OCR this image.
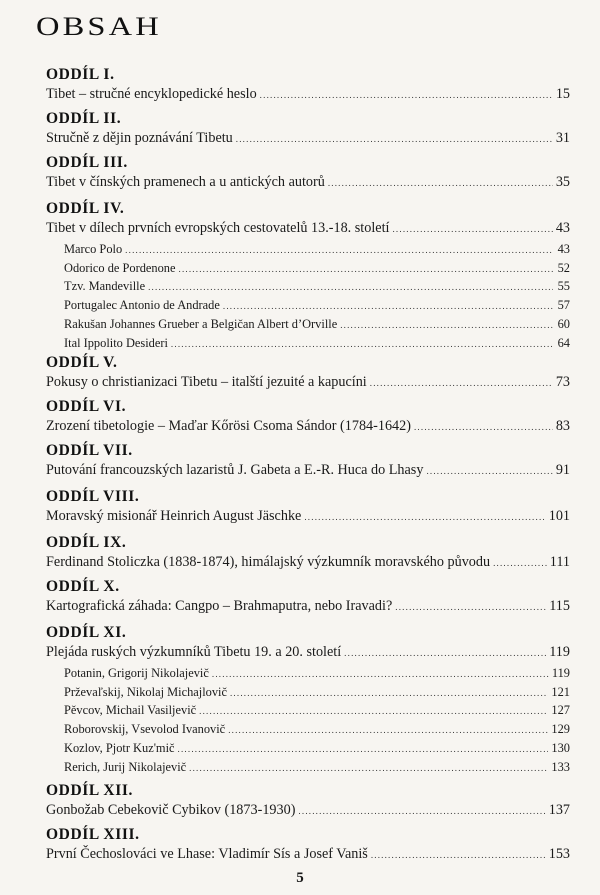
OBSAH
ODDÍL I.
Tibet – stručné encyklopedické heslo .....	15
ODDÍL II.
Stručně z dějin poznávání Tibetu .....	31
ODDÍL III.
Tibet v čínských pramenech a u antických autorů .....	35
ODDÍL IV.
Tibet v dílech prvních evropských cestovatelů 13.-18. století .....	43
Marco Polo .....	43
Odorico de Pordenone .....	52
Tzv. Mandeville .....	55
Portugalec Antonio de Andrade .....	57
Rakušan Johannes Grueber a Belgičan Albert d’Orville .....	60
Ital Ippolito Desideri .....	64
ODDÍL V.
Pokusy o christianizaci Tibetu – italští jezuité a kapucíni .....	73
ODDÍL VI.
Zrození tibetologie – Maďar Kőrösi Csoma Sándor (1784-1642) .....	83
ODDÍL VII.
Putování francouzských lazaristů J. Gabeta a E.-R. Huca do Lhasy .....	91
ODDÍL VIII.
Moravský misionář Heinrich August Jäschke .....	101
ODDÍL IX.
Ferdinand Stoliczka (1838-1874), himálajský výzkumník moravského původu .....	111
ODDÍL X.
Kartografická záhada: Cangpo – Brahmaputra, nebo Iravadi? .....	115
ODDÍL XI.
Plejáda ruských výzkumníků Tibetu 19. a 20. století .....	119
Potanin, Grigorij Nikolajevič .....	119
Prževaľskij, Nikolaj Michajlovič .....	121
Pěvcov, Michail Vasiljevič .....	127
Roborovskij, Vsevolod Ivanovič .....	129
Kozlov, Pjotr Kuz'mič .....	130
Rerich, Jurij Nikolajevič .....	133
ODDÍL XII.
Gonbožab Cebekovič Cybikov (1873-1930) .....	137
ODDÍL XIII.
První Čechoslováci ve Lhase: Vladimír Sís a Josef Vaniš .....	153
5
